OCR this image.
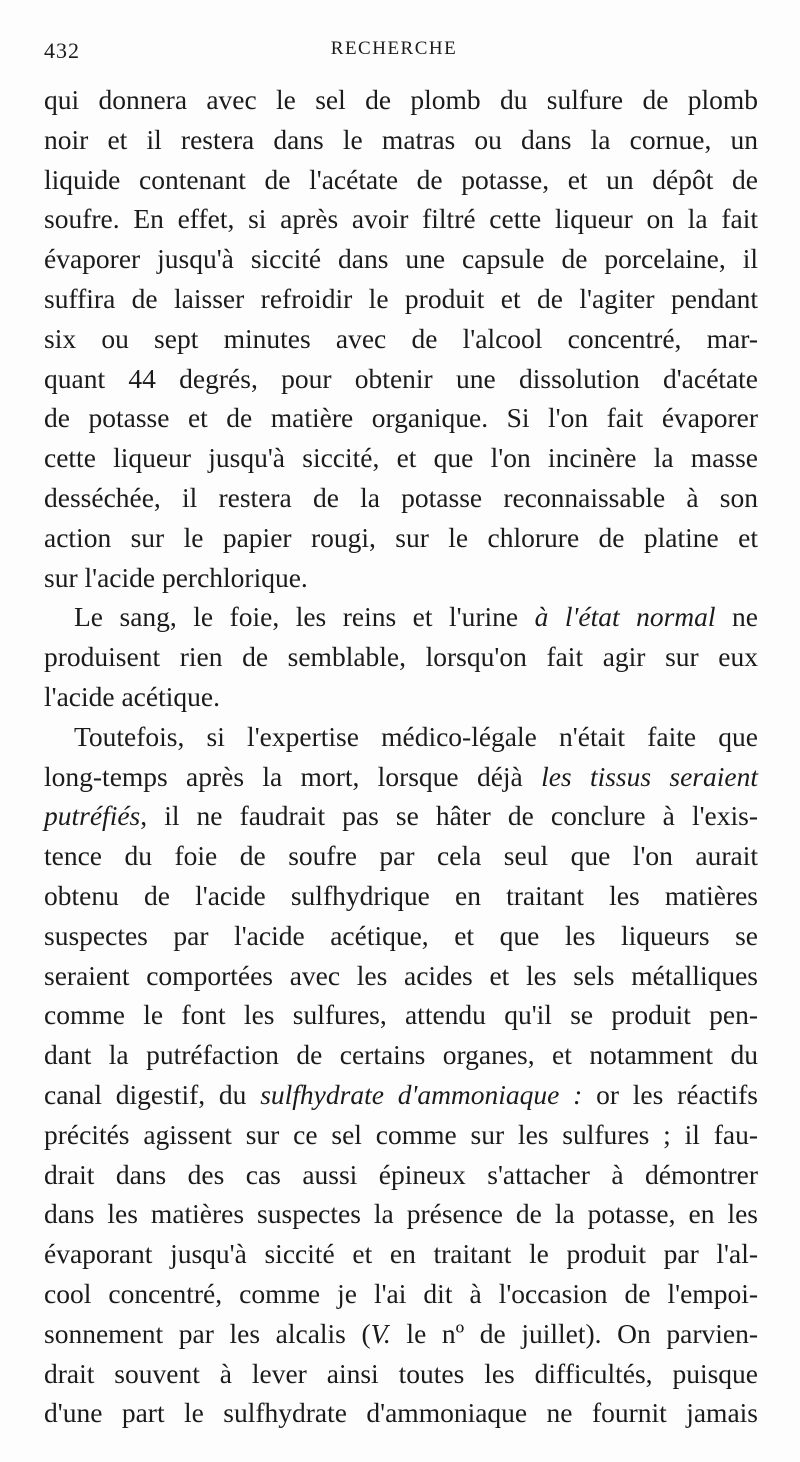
432	RECHERCHE
qui donnera avec le sel de plomb du sulfure de plomb
noir et il restera dans le matras ou dans la cornue, un
liquide contenant de l'acétate de potasse, et un dépôt de
soufre. En effet, si après avoir filtré cette liqueur on la fait
évaporer jusqu'à siccité dans une capsule de porcelaine, il
suffira de laisser refroidir le produit et de l'agiter pendant
six ou sept minutes avec de l'alcool concentré, mar-
quant 44 degrés, pour obtenir une dissolution d'acétate
de potasse et de matière organique. Si l'on fait évaporer
cette liqueur jusqu'à siccité, et que l'on incinère la masse
desséchée, il restera de la potasse reconnaissable à son
action sur le papier rougi, sur le chlorure de platine et
sur l'acide perchlorique.
Le sang, le foie, les reins et l'urine à l'état normal ne
produisent rien de semblable, lorsqu'on fait agir sur eux
l'acide acétique.
Toutefois, si l'expertise médico-légale n'était faite que
long-temps après la mort, lorsque déjà les tissus seraient
putréfiés, il ne faudrait pas se hâter de conclure à l'exis-
tence du foie de soufre par cela seul que l'on aurait
obtenu de l'acide sulfhydrique en traitant les matières
suspectes par l'acide acétique, et que les liqueurs se
seraient comportées avec les acides et les sels métalliques
comme le font les sulfures, attendu qu'il se produit pen-
dant la putréfaction de certains organes, et notamment du
canal digestif, du sulfhydrate d'ammoniaque : or les réactifs
précités agissent sur ce sel comme sur les sulfures ; il fau-
drait dans des cas aussi épineux s'attacher à démontrer
dans les matières suspectes la présence de la potasse, en les
évaporant jusqu'à siccité et en traitant le produit par l'al-
cool concentré, comme je l'ai dit à l'occasion de l'empoi-
sonnement par les alcalis (V. le nº de juillet). On parvien-
drait souvent à lever ainsi toutes les difficultés, puisque
d'une part le sulfhydrate d'ammoniaque ne fournit jamais
